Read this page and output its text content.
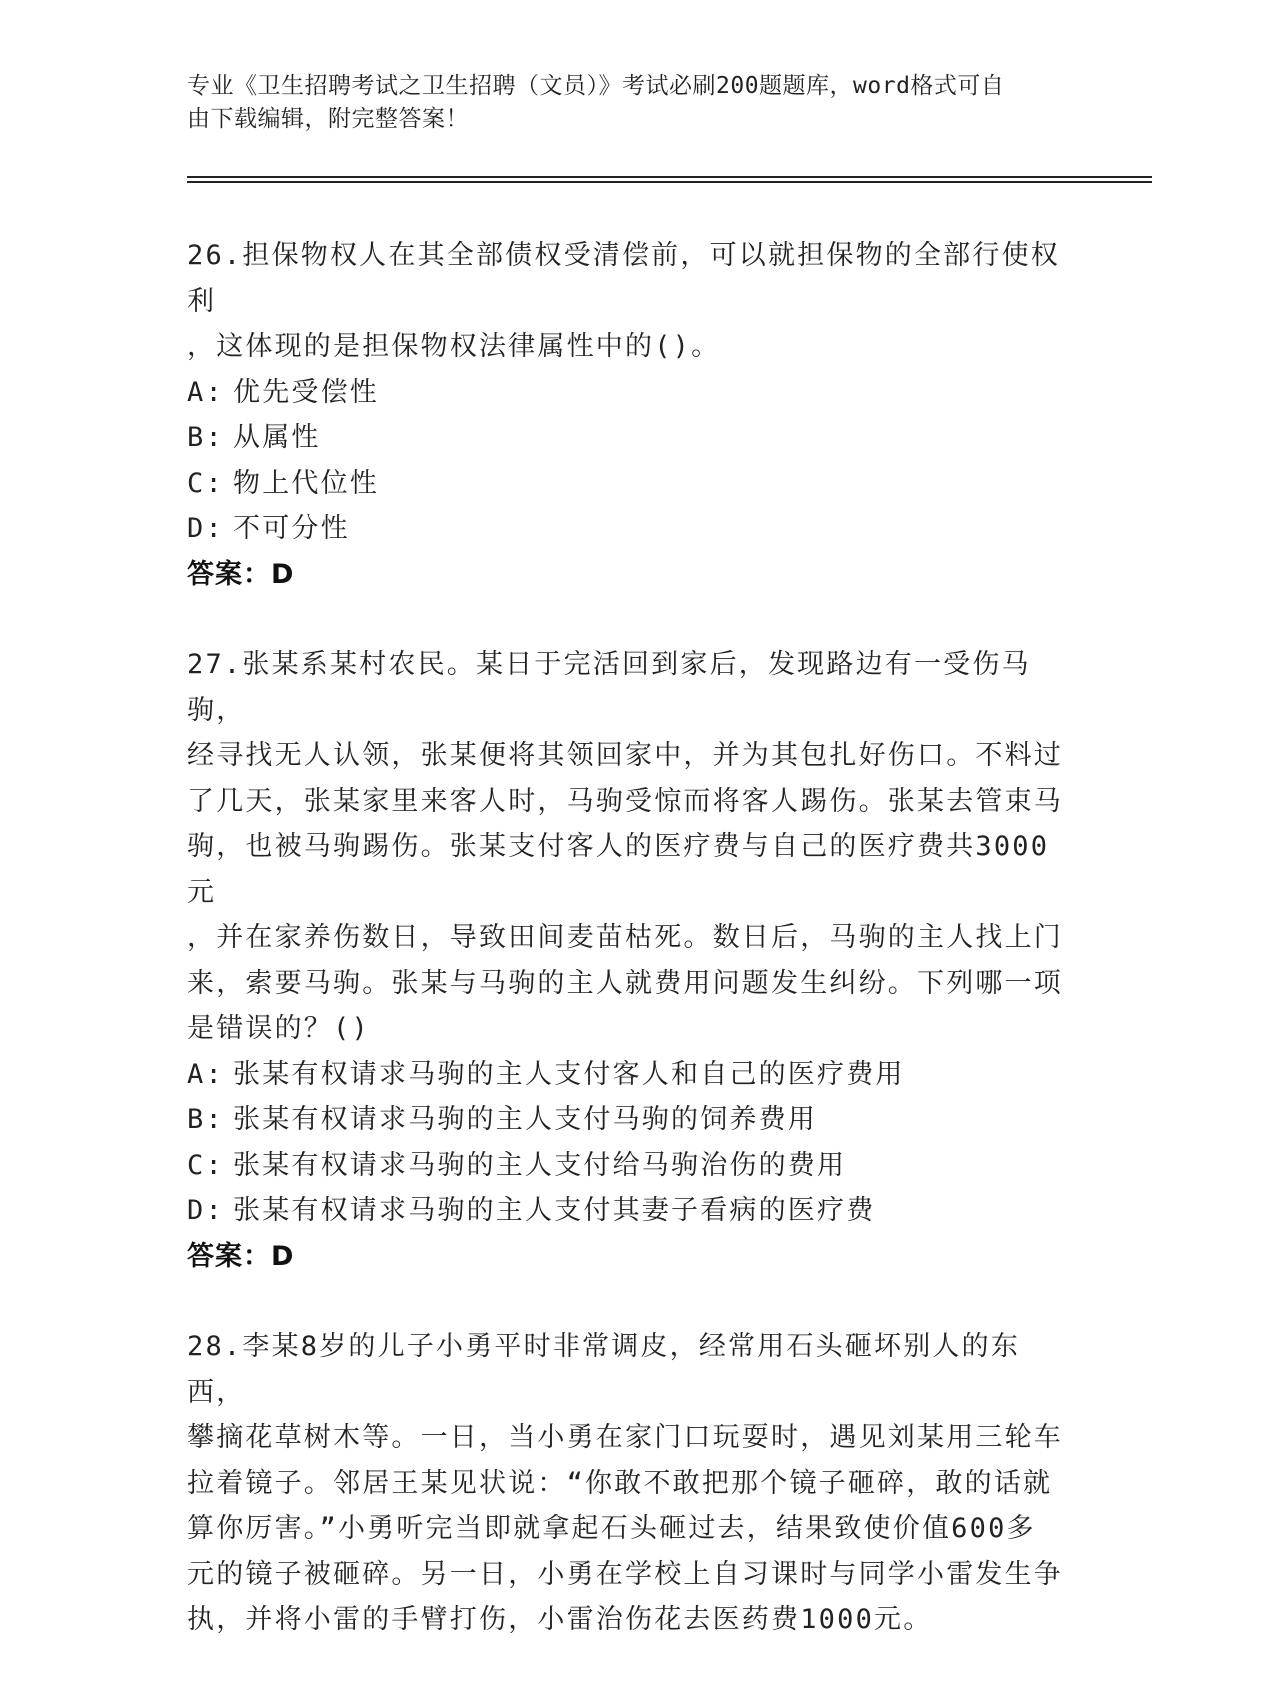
专业《卫生招聘考试之卫生招聘（文员）》考试必刷200题题库，word格式可自
由下载编辑，附完整答案！

26.担保物权人在其全部债权受清偿前，可以就担保物的全部行使权利

，这体现的是担保物权法律属性中的()。

A: 优先受偿性

B: 从属性

C: 物上代位性

D: 不可分性

答案：D

27.张某系某村农民。某日于完活回到家后，发现路边有一受伤马驹，

经寻找无人认领，张某便将其领回家中，并为其包扎好伤口。不料过

了几天，张某家里来客人时，马驹受惊而将客人踢伤。张某去管束马

驹，也被马驹踢伤。张某支付客人的医疗费与自己的医疗费共3000元

，并在家养伤数日，导致田间麦苗枯死。数日后，马驹的主人找上门

来，索要马驹。张某与马驹的主人就费用问题发生纠纷。下列哪一项

是错误的？()

A: 张某有权请求马驹的主人支付客人和自己的医疗费用

B: 张某有权请求马驹的主人支付马驹的饲养费用

C: 张某有权请求马驹的主人支付给马驹治伤的费用

D: 张某有权请求马驹的主人支付其妻子看病的医疗费

答案：D

28.李某8岁的儿子小勇平时非常调皮，经常用石头砸坏别人的东西，

攀摘花草树木等。一日，当小勇在家门口玩耍时，遇见刘某用三轮车

拉着镜子。邻居王某见状说：“你敢不敢把那个镜子砸碎，敢的话就

算你厉害。”小勇听完当即就拿起石头砸过去，结果致使价值600多

元的镜子被砸碎。另一日，小勇在学校上自习课时与同学小雷发生争

执，并将小雷的手臂打伤，小雷治伤花去医药费1000元。
